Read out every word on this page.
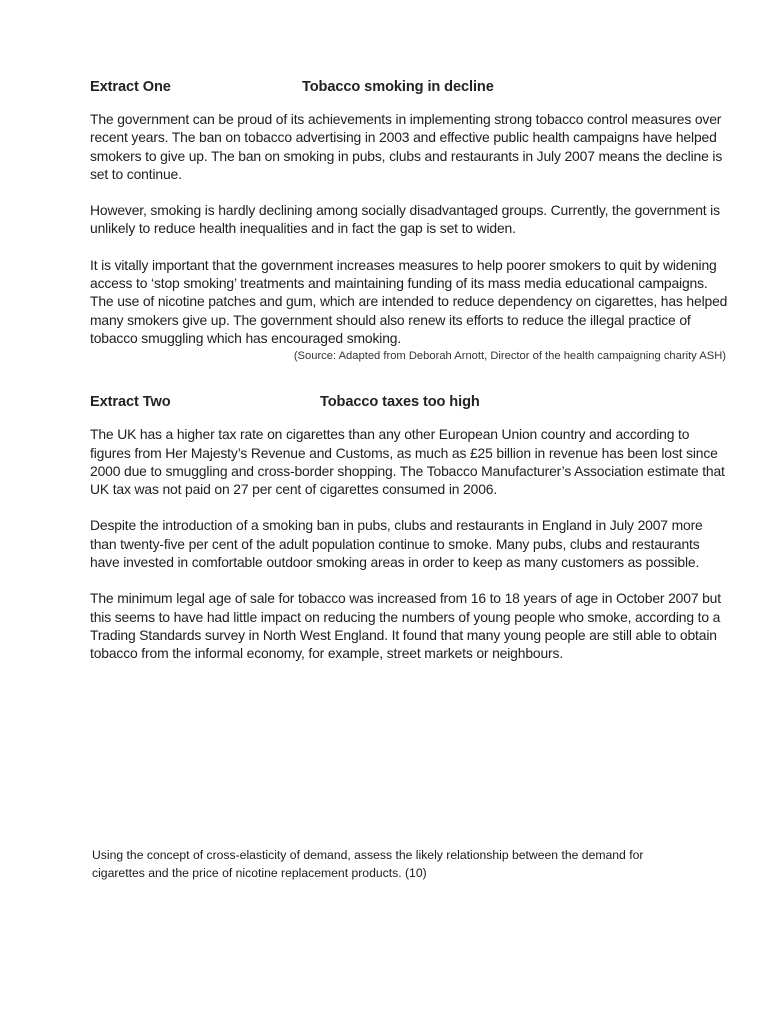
Extract One	Tobacco smoking in decline

The government can be proud of its achievements in implementing strong tobacco control measures over recent years. The ban on tobacco advertising in 2003 and effective public health campaigns have helped smokers to give up. The ban on smoking in pubs, clubs and restaurants in July 2007 means the decline is set to continue.

However, smoking is hardly declining among socially disadvantaged groups. Currently, the government is unlikely to reduce health inequalities and in fact the gap is set to widen.

It is vitally important that the government increases measures to help poorer smokers to quit by widening access to ‘stop smoking’ treatments and maintaining funding of its mass media educational campaigns. The use of nicotine patches and gum, which are intended to reduce dependency on cigarettes, has helped many smokers give up. The government should also renew its efforts to reduce the illegal practice of tobacco smuggling which has encouraged smoking.

(Source: Adapted from Deborah Arnott, Director of the health campaigning charity ASH)
Extract Two	Tobacco taxes too high

The UK has a higher tax rate on cigarettes than any other European Union country and according to figures from Her Majesty’s Revenue and Customs, as much as £25 billion in revenue has been lost since 2000 due to smuggling and cross-border shopping. The Tobacco Manufacturer’s Association estimate that UK tax was not paid on 27 per cent of cigarettes consumed in 2006.

Despite the introduction of a smoking ban in pubs, clubs and restaurants in England in July 2007 more than twenty-five per cent of the adult population continue to smoke. Many pubs, clubs and restaurants have invested in comfortable outdoor smoking areas in order to keep as many customers as possible.

The minimum legal age of sale for tobacco was increased from 16 to 18 years of age in October 2007 but this seems to have had little impact on reducing the numbers of young people who smoke, according to a Trading Standards survey in North West England. It found that many young people are still able to obtain tobacco from the informal economy, for example, street markets or neighbours.

Using the concept of cross-elasticity of demand, assess the likely relationship between the demand for cigarettes and the price of nicotine replacement products. (10)
